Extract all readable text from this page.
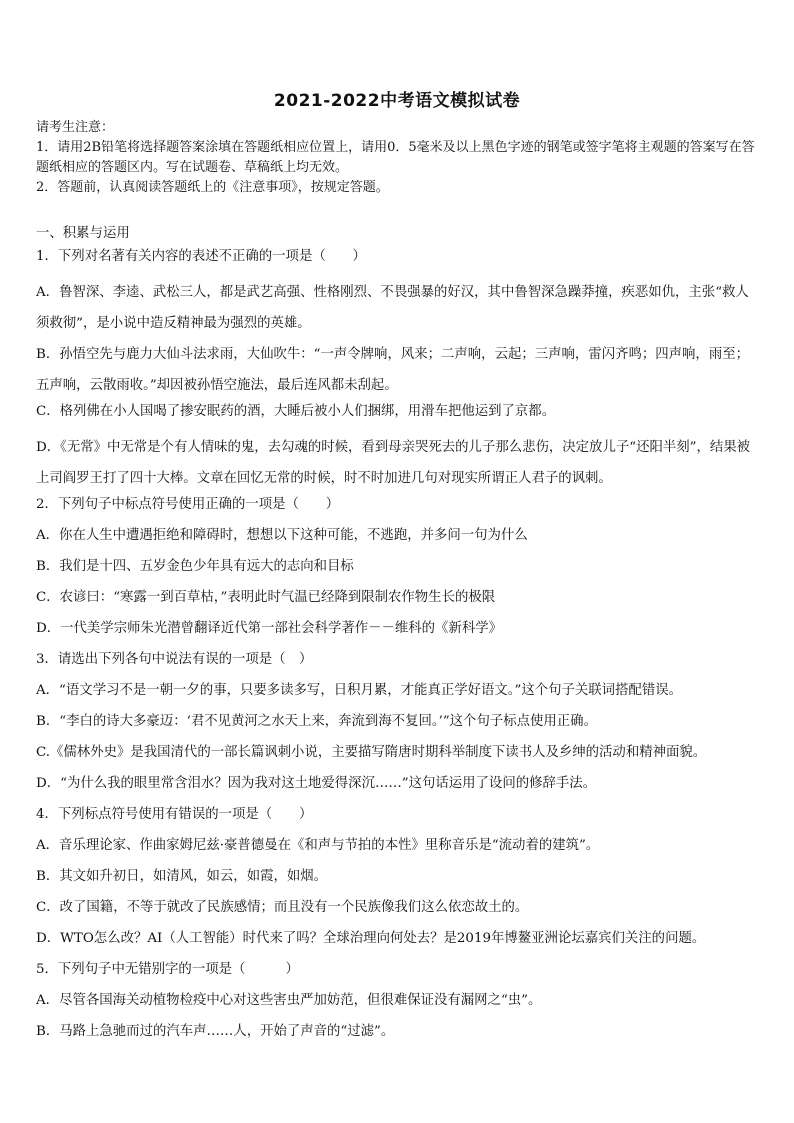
2021-2022中考语文模拟试卷

请考生注意：

1．请用2B铅笔将选择题答案涂填在答题纸相应位置上，请用0．5毫米及以上黑色字迹的钢笔或签字笔将主观题的答案写在答题纸相应的答题区内。写在试题卷、草稿纸上均无效。

2．答题前，认真阅读答题纸上的《注意事项》，按规定答题。

一、积累与运用
1．下列对名著有关内容的表述不正确的一项是（　　）
A．鲁智深、李逵、武松三人，都是武艺高强、性格刚烈、不畏强暴的好汉，其中鲁智深急躁莽撞，疾恶如仇，主张“救人须救彻”，是小说中造反精神最为强烈的英雄。
B．孙悟空先与鹿力大仙斗法求雨，大仙吹牛：“一声令牌响，风来；二声响，云起；三声响，雷闪齐鸣；四声响，雨至；五声响，云散雨收。”却因被孙悟空施法，最后连风都未刮起。
C．格列佛在小人国喝了掺安眠药的酒，大睡后被小人们捆绑，用滑车把他运到了京都。
D．《无常》中无常是个有人情味的鬼，去勾魂的时候，看到母亲哭死去的儿子那么悲伤，决定放儿子“还阳半刻”，结果被上司阎罗王打了四十大棒。文章在回忆无常的时候，时不时加进几句对现实所谓正人君子的讽刺。
2．下列句子中标点符号使用正确的一项是（　　）
A．你在人生中遭遇拒绝和障碍时，想想以下这种可能，不逃跑，并多问一句为什么
B．我们是十四、五岁金色少年具有远大的志向和目标
C．农谚曰：“寒露一到百草枯，”表明此时气温已经降到限制农作物生长的极限
D．一代美学宗师朱光潜曾翻译近代第一部社会科学著作－－维科的《新科学》
3．请选出下列各句中说法有误的一项是（　）
A．“语文学习不是一朝一夕的事，只要多读多写，日积月累，才能真正学好语文。”这个句子关联词搭配错误。
B．“李白的诗大多豪迈：‘君不见黄河之水天上来，奔流到海不复回。’”这个句子标点使用正确。
C.《儒林外史》是我国清代的一部长篇讽刺小说，主要描写隋唐时期科举制度下读书人及乡绅的活动和精神面貌。
D．“为什么我的眼里常含泪水？因为我对这土地爱得深沉……”这句话运用了设问的修辞手法。
4．下列标点符号使用有错误的一项是（　　）
A．音乐理论家、作曲家姆尼兹·豪普德曼在《和声与节拍的本性》里称音乐是“流动着的建筑”。
B．其文如升初日，如清风，如云，如霞，如烟。
C．改了国籍，不等于就改了民族感情；而且没有一个民族像我们这么依恋故土的。
D．WTO怎么改？AI（人工智能）时代来了吗？全球治理向何处去？是2019年博鳌亚洲论坛嘉宾们关注的问题。
5．下列句子中无错别字的一项是（　　　）
A．尽管各国海关动植物检疫中心对这些害虫严加妨范，但很难保证没有漏网之“虫”。
B．马路上急驰而过的汽车声……人，开始了声音的“过滤”。
